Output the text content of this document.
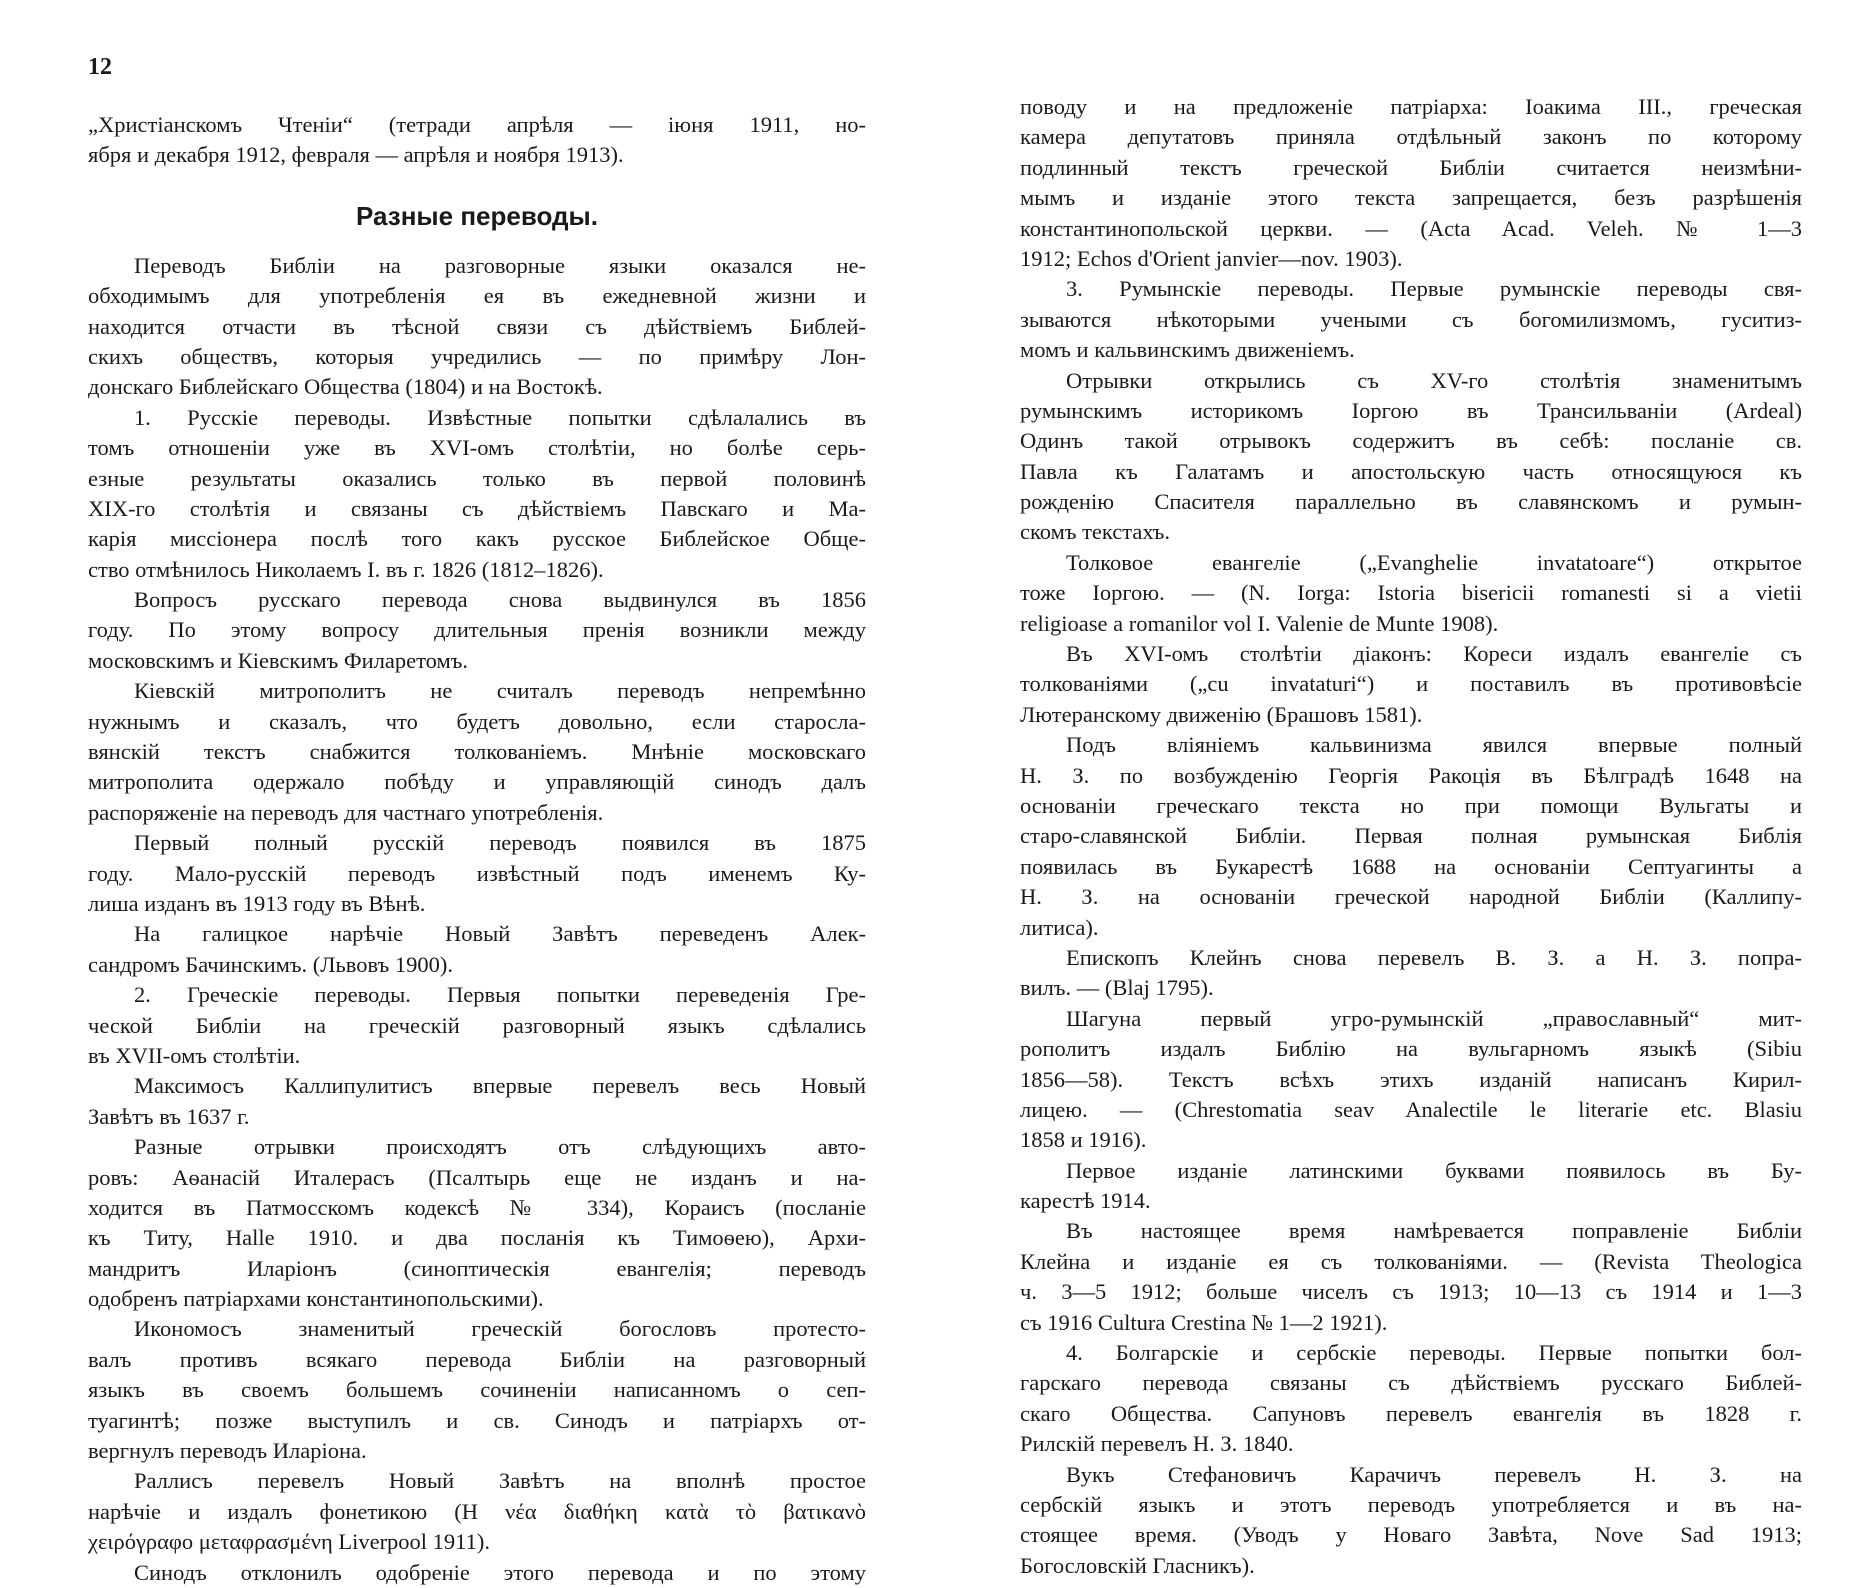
12
„Христіанскомъ Чтеніи“ (тетради апрѣля — іюня 1911, но-
ября и декабря 1912, февраля — апрѣля и ноября 1913).
Разные переводы.
Переводъ Библіи на разговорные языки оказался не-
обходимымъ для употребленія ея въ ежедневной жизни и
находится отчасти въ тѣсной связи съ дѣйствіемъ Библей-
скихъ обществъ, которыя учредились — по примѣру Лон-
донскаго Библейскаго Общества (1804) и на Востокѣ.
1. Русскіе переводы. Извѣстные попытки сдѣлалались въ
томъ отношеніи уже въ XVI-омъ столѣтіи, но болѣе серь-
езные результаты оказались только въ первой половинѣ
XIX-го столѣтія и связаны съ дѣйствіемъ Павскаго и Ма-
карія миссіонера послѣ того какъ русское Библейское Обще-
ство отмѣнилось Николаемъ I. въ г. 1826 (1812–1826).
Вопросъ русскаго перевода снова выдвинулся въ 1856
году. По этому вопросу длительныя пренія возникли между
московскимъ и Кіевскимъ Филаретомъ.
Кіевскій митрополитъ не считалъ переводъ непремѣнно
нужнымъ и сказалъ, что будетъ довольно, если старосла-
вянскій текстъ снабжится толкованіемъ. Мнѣніе московскаго
митрополита одержало побѣду и управляющій синодъ далъ
распоряженіе на переводъ для частнаго употребленія.
Первый полный русскій переводъ появился въ 1875
году. Мало-русскій переводъ извѣстный подъ именемъ Ку-
лиша изданъ въ 1913 году въ Вѣнѣ.
На галицкое нарѣчіе Новый Завѣтъ переведенъ Алек-
сандромъ Бачинскимъ. (Львовъ 1900).
2. Греческіе переводы. Первыя попытки переведенія Гре-
ческой Библіи на греческій разговорный языкъ сдѣлались
въ XVII-омъ столѣтіи.
Максимосъ Каллипулитисъ впервые перевелъ весь Новый
Завѣтъ въ 1637 г.
Разные отрывки происходятъ отъ слѣдующихъ авто-
ровъ: Аѳанасій Италерасъ (Псалтырь еще не изданъ и на-
ходится въ Патмосскомъ кодексѣ № 334), Кораисъ (посланіе
къ Титу, Halle 1910. и два посланія къ Тимоѳею), Архи-
мандритъ Иларіонъ (синоптическія евангелія; переводъ
одобренъ патріархами константинопольскими).
Икономосъ знаменитый греческій богословъ протесто-
валъ противъ всякаго перевода Библіи на разговорный
языкъ въ своемъ большемъ сочиненіи написанномъ о сеп-
туагинтѣ; позже выступилъ и св. Синодъ и патріархъ от-
вергнулъ переводъ Иларіона.
Раллисъ перевелъ Новый Завѣтъ на вполнѣ простое
нарѣчіе и издалъ фонетикою (Η νέα διαθήκη κατὰ τὸ βατικανὸ
χειρόγραφο μεταφρασμένη Liverpool 1911).
Синодъ отклонилъ одобреніе этого перевода и по этому
поводу и на предложеніе патріарха: Іоакима III., греческая
камера депутатовъ приняла отдѣльный законъ по которому
подлинный текстъ греческой Библіи считается неизмѣни-
мымъ и изданіе этого текста запрещается, безъ разрѣшенія
константинопольской церкви. — (Acta Acad. Veleh. № 1—3
1912; Echos d'Orient janvier—nov. 1903).
3. Румынскіе переводы. Первые румынскіе переводы свя-
зываются нѣкоторыми учеными съ богомилизмомъ, гуситиз-
момъ и кальвинскимъ движеніемъ.
Отрывки открылись съ XV-го столѣтія знаменитымъ
румынскимъ историкомъ Іоргою въ Трансильваніи (Ardeal)
Одинъ такой отрывокъ содержитъ въ себѣ: посланіе св.
Павла къ Галатамъ и апостольскую часть относящуюся къ
рожденію Спасителя параллельно въ славянскомъ и румын-
скомъ текстахъ.
Толковое евангеліе („Evanghelie invatatoare“) открытое
тоже Іоргою. — (N. Iorga: Istoria bisericii romanesti si a vietii
religioase a romanilor vol I. Valenie de Munte 1908).
Въ XVI-омъ столѣтіи діаконъ: Кореси издалъ евангеліе съ
толкованіями („cu invataturi“) и поставилъ въ противовѣсіе
Лютеранскому движенію (Брашовъ 1581).
Подъ вліяніемъ кальвинизма явился впервые полный
Н. З. по возбужденію Георгія Ракоція въ Бѣлградѣ 1648 на
основаніи греческаго текста но при помощи Вульгаты и
старо-славянской Библіи. Первая полная румынская Библія
появилась въ Букарестѣ 1688 на основаніи Септуагинты а
Н. З. на основаніи греческой народной Библіи (Каллипу-
литиса).
Епископъ Клейнъ снова перевелъ В. З. а Н. З. попра-
вилъ. — (Blaj 1795).
Шагуна первый угро-румынскій „православный“ мит-
рополитъ издалъ Библію на вульгарномъ языкѣ (Sibiu
1856—58). Текстъ всѣхъ этихъ изданій написанъ Кирил-
лицею. — (Chrestomatia seav Analectile le literarie etc. Blasiu
1858 и 1916).
Первое изданіе латинскими буквами появилось въ Бу-
карестѣ 1914.
Въ настоящее время намѣревается поправленіе Библіи
Клейна и изданіе ея съ толкованіями. — (Revista Theologica
ч. 3—5 1912; больше чиселъ съ 1913; 10—13 съ 1914 и 1—3
съ 1916 Cultura Crestina № 1—2 1921).
4. Болгарскіе и сербскіе переводы. Первые попытки бол-
гарскаго перевода связаны съ дѣйствіемъ русскаго Библей-
скаго Общества. Сапуновъ перевелъ евангелія въ 1828 г.
Рилскій перевелъ Н. З. 1840.
Вукъ Стефановичъ Карачичъ перевелъ Н. З. на
сербскій языкъ и этотъ переводъ употребляется и въ на-
стоящее время. (Уводъ у Новаго Завѣта, Nove Sad 1913;
Богословскій Гласникъ).
